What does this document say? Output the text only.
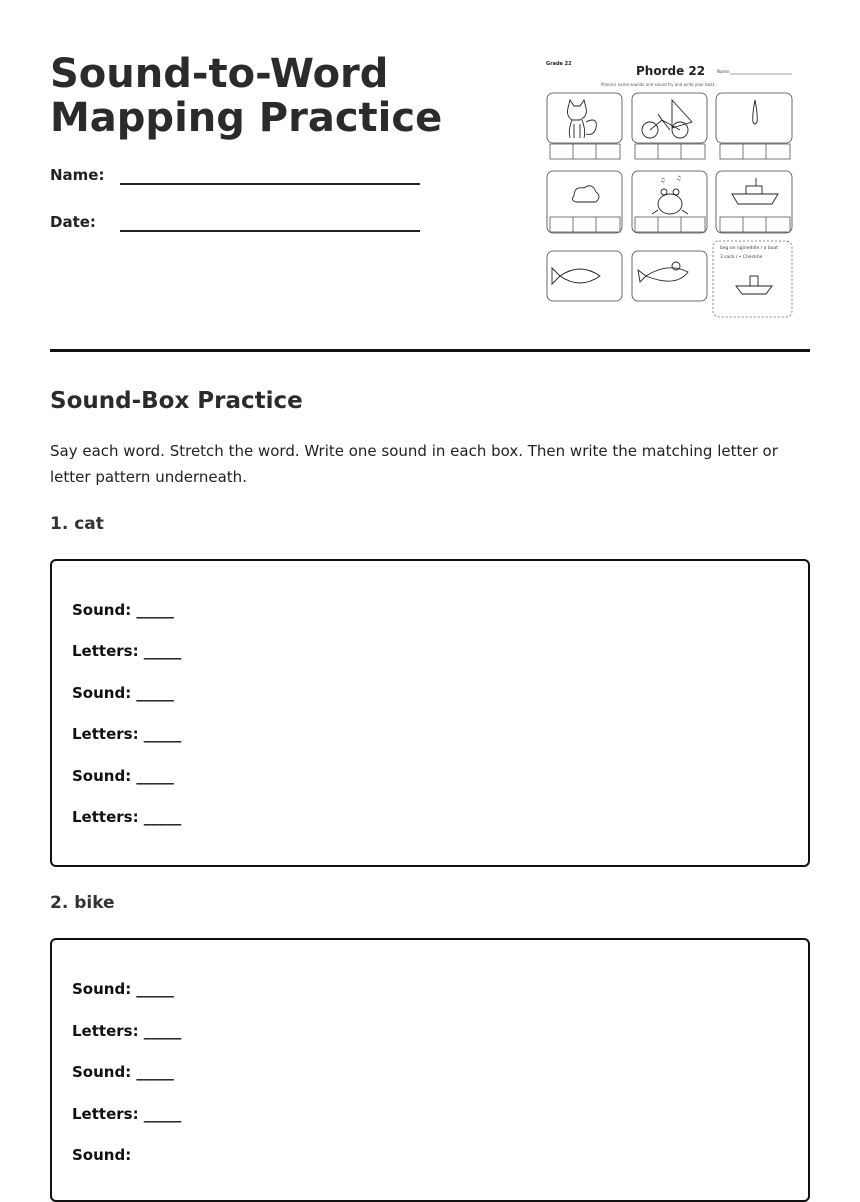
Sound-to-Word Mapping Practice
Name:
Date:
Grade 22	Phorde 22	Name:
Phonics name sounds and sound try and write your beat.
♫ ♫
beg on ngineddle / a boat
3 sack / • Checkhe
Sound-Box Practice

Say each word. Stretch the word. Write one sound in each box. Then write the matching letter or letter pattern underneath.

1. cat
Sound: _____
Letters: _____
Sound: _____
Letters: _____
Sound: _____
Letters: _____
2. bike
Sound: _____
Letters: _____
Sound: _____
Letters: _____
Sound:
